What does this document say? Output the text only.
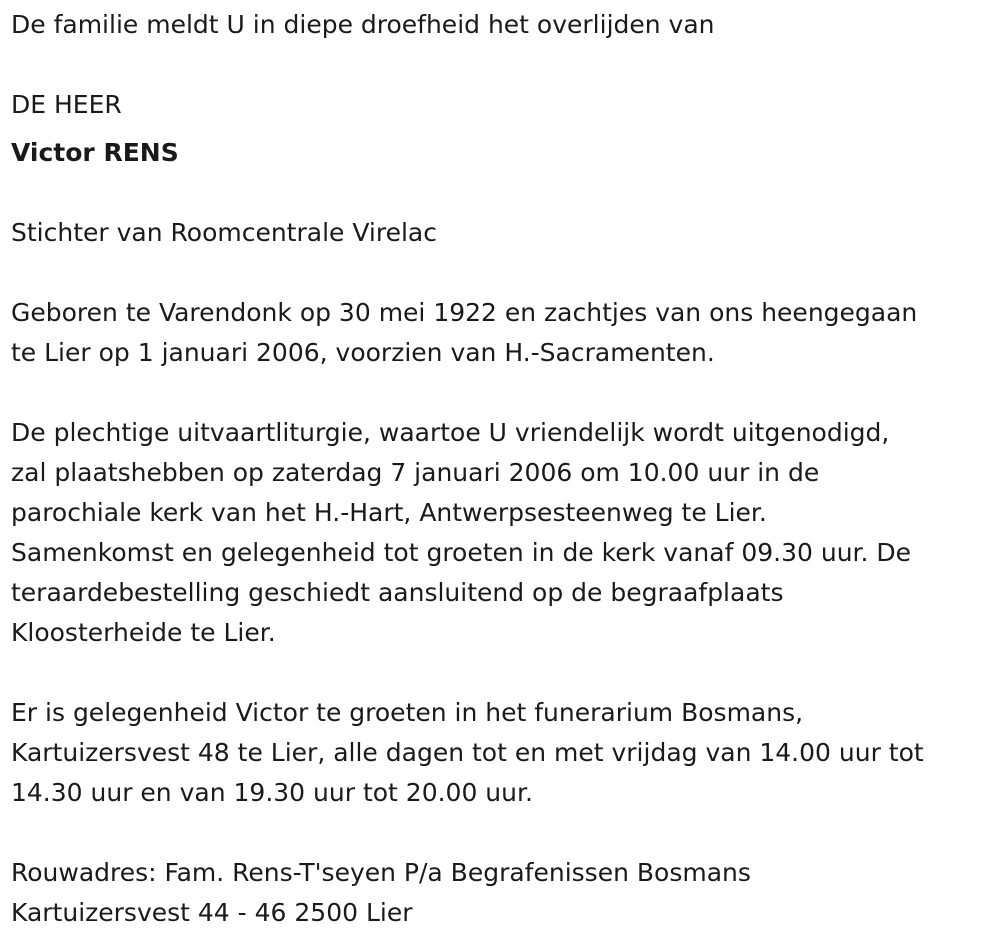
De familie meldt U in diepe droefheid het overlijden van

DE HEER

Victor RENS

Stichter van Roomcentrale Virelac

Geboren te Varendonk op 30 mei 1922 en zachtjes van ons heengegaan

te Lier op 1 januari 2006, voorzien van H.-Sacramenten.

De plechtige uitvaartliturgie, waartoe U vriendelijk wordt uitgenodigd,

zal plaatshebben op zaterdag 7 januari 2006 om 10.00 uur in de

parochiale kerk van het H.-Hart, Antwerpsesteenweg te Lier.

Samenkomst en gelegenheid tot groeten in de kerk vanaf 09.30 uur. De

teraardebestelling geschiedt aansluitend op de begraafplaats

Kloosterheide te Lier.

Er is gelegenheid Victor te groeten in het funerarium Bosmans,

Kartuizersvest 48 te Lier, alle dagen tot en met vrijdag van 14.00 uur tot

14.30 uur en van 19.30 uur tot 20.00 uur.

Rouwadres: Fam. Rens-T'seyen P/a Begrafenissen Bosmans

Kartuizersvest 44 - 46 2500 Lier
